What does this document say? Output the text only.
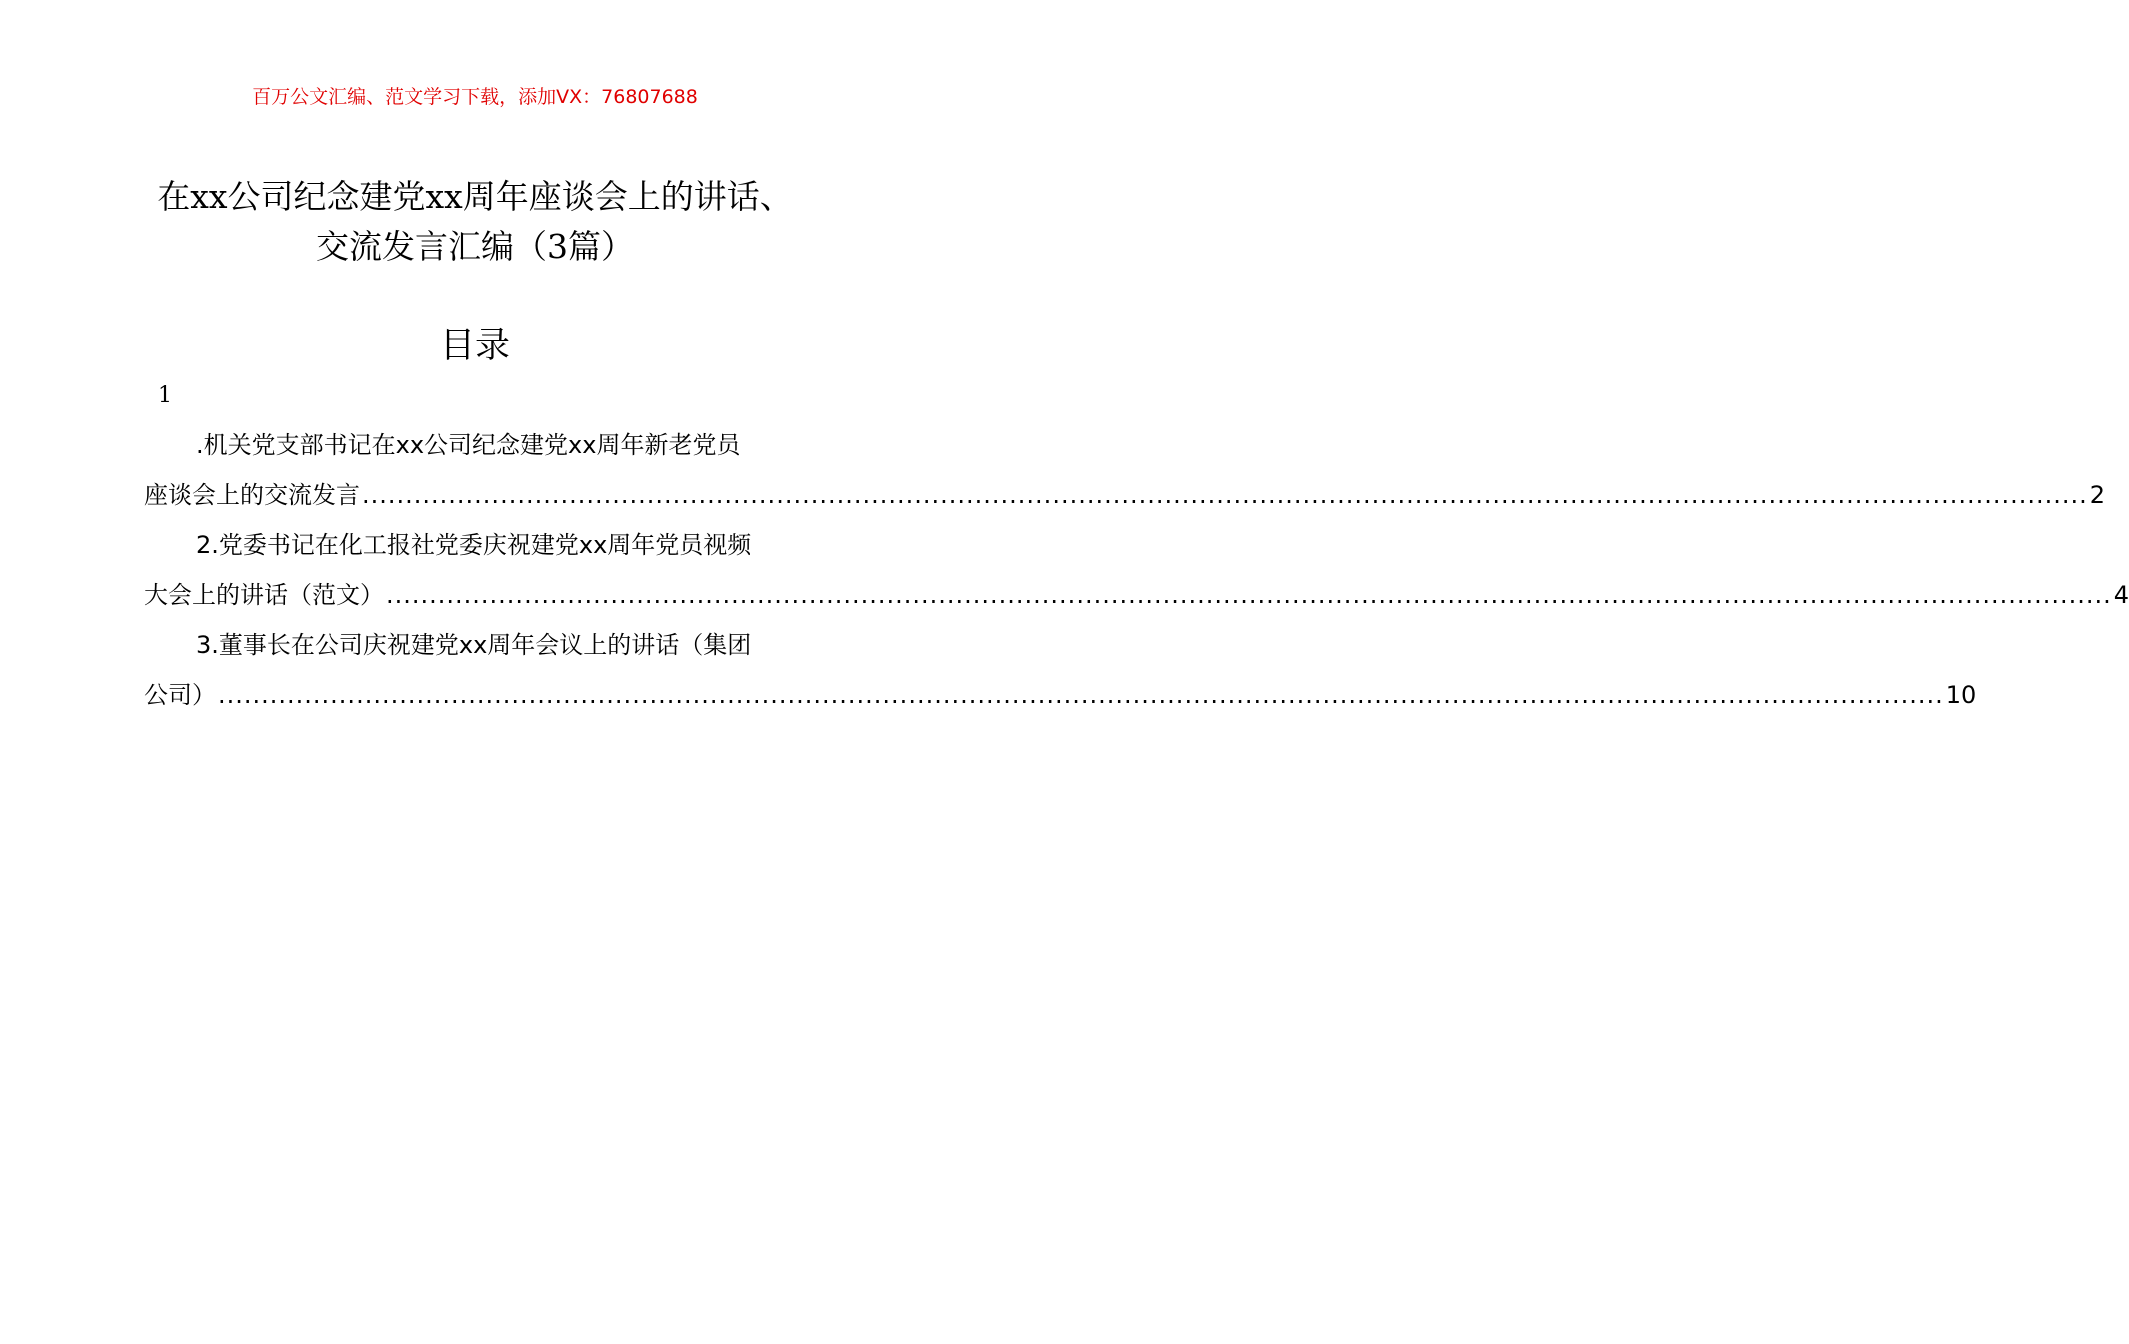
百万公文汇编、范文学习下载，添加VX：76807688
在xx公司纪念建党xx周年座谈会上的讲话、
交流发言汇编（3篇）
目录
1
.机关党支部书记在xx公司纪念建党xx周年新老党员
座谈会上的交流发言 ........................................................................................................................................................................................................ 2
2.党委书记在化工报社党委庆祝建党xx周年党员视频
大会上的讲话（范文） ........................................................................................................................................................................................................ 4
3.董事长在公司庆祝建党xx周年会议上的讲话（集团
公司） ........................................................................................................................................................................................................ 10
